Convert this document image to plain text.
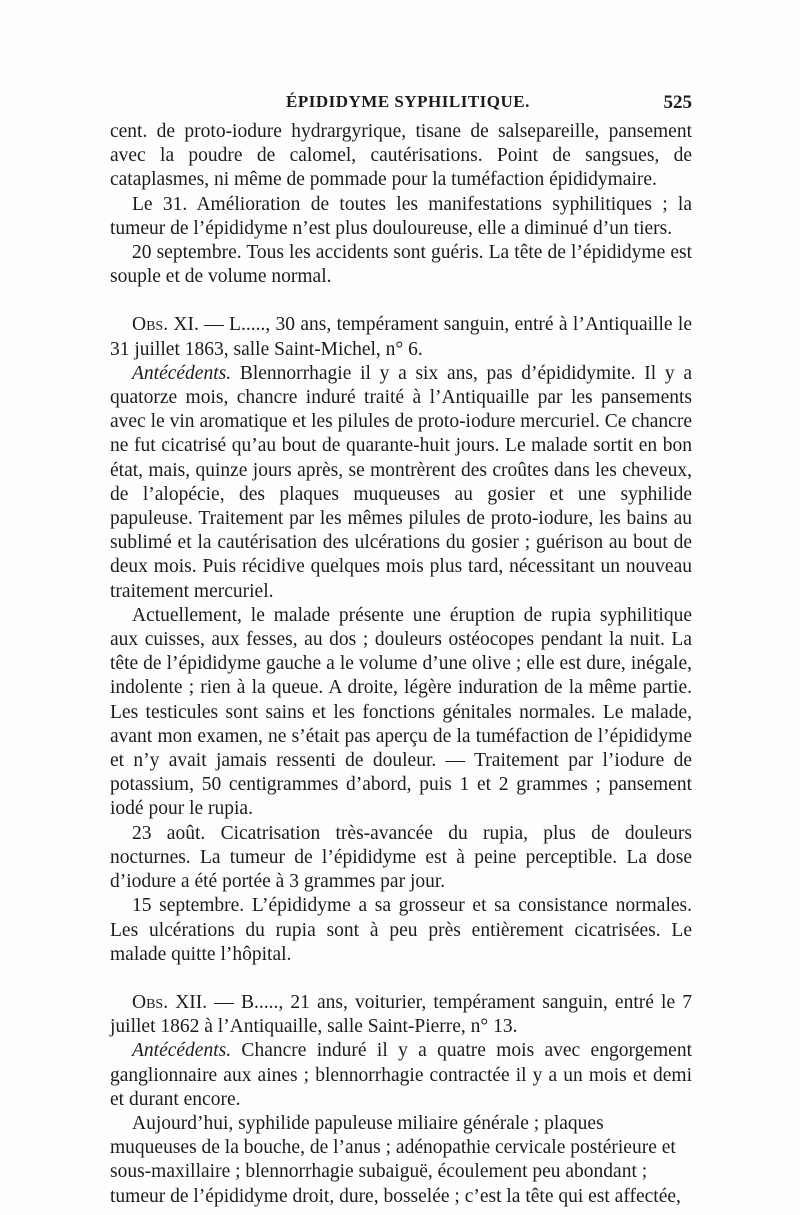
ÉPIDIDYME SYPHILITIQUE.	525

cent. de proto-iodure hydrargyrique, tisane de salsepareille, pansement avec la poudre de calomel, cautérisations. Point de sangsues, de cataplasmes, ni même de pommade pour la tuméfaction épididymaire.

Le 31. Amélioration de toutes les manifestations syphilitiques ; la tumeur de l’épididyme n’est plus douloureuse, elle a diminué d’un tiers.

20 septembre. Tous les accidents sont guéris. La tête de l’épididyme est souple et de volume normal.

Obs. XI. — L....., 30 ans, tempérament sanguin, entré à l’Antiquaille le 31 juillet 1863, salle Saint-Michel, n° 6.

Antécédents. Blennorrhagie il y a six ans, pas d’épididymite. Il y a quatorze mois, chancre induré traité à l’Antiquaille par les pansements avec le vin aromatique et les pilules de proto-iodure mercuriel. Ce chancre ne fut cicatrisé qu’au bout de quarante-huit jours. Le malade sortit en bon état, mais, quinze jours après, se montrèrent des croûtes dans les cheveux, de l’alopécie, des plaques muqueuses au gosier et une syphilide papuleuse. Traitement par les mêmes pilules de proto-iodure, les bains au sublimé et la cautérisation des ulcérations du gosier ; guérison au bout de deux mois. Puis récidive quelques mois plus tard, nécessitant un nouveau traitement mercuriel.

Actuellement, le malade présente une éruption de rupia syphilitique aux cuisses, aux fesses, au dos ; douleurs ostéocopes pendant la nuit. La tête de l’épididyme gauche a le volume d’une olive ; elle est dure, inégale, indolente ; rien à la queue. A droite, légère induration de la même partie. Les testicules sont sains et les fonctions génitales normales. Le malade, avant mon examen, ne s’était pas aperçu de la tuméfaction de l’épididyme et n’y avait jamais ressenti de douleur. — Traitement par l’iodure de potassium, 50 centigrammes d’abord, puis 1 et 2 grammes ; pansement iodé pour le rupia.

23 août. Cicatrisation très-avancée du rupia, plus de douleurs nocturnes. La tumeur de l’épididyme est à peine perceptible. La dose d’iodure a été portée à 3 grammes par jour.

15 septembre. L’épididyme a sa grosseur et sa consistance normales. Les ulcérations du rupia sont à peu près entièrement cicatrisées. Le malade quitte l’hôpital.

Obs. XII. — B....., 21 ans, voiturier, tempérament sanguin, entré le 7 juillet 1862 à l’Antiquaille, salle Saint-Pierre, n° 13.

Antécédents. Chancre induré il y a quatre mois avec engorgement ganglionnaire aux aines ; blennorrhagie contractée il y a un mois et demi et durant encore.

Aujourd’hui, syphilide papuleuse miliaire générale ; plaques muqueuses de la bouche, de l’anus ; adénopathie cervicale postérieure et sous-maxillaire ; blennorrhagie subaiguë, écoulement peu abondant ; tumeur de l’épididyme droit, dure, bosselée ; c’est la tête qui est affectée,
